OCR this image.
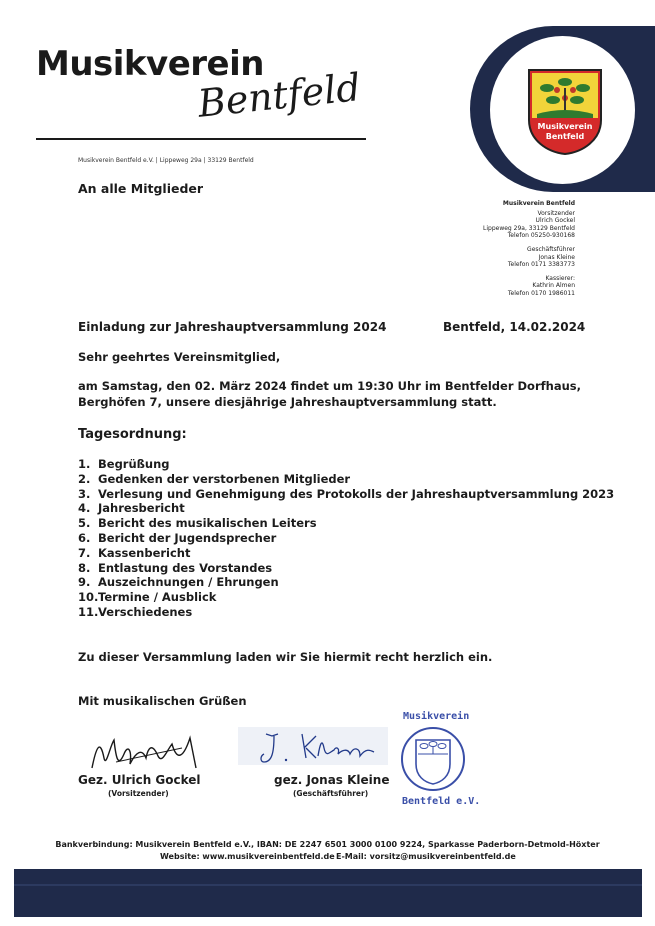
Musikverein
Bentfeld
Musikverein Bentfeld e.V. | Lippeweg 29a | 33129 Bentfeld
Musikverein
Bentfeld
An alle Mitglieder
Musikverein Bentfeld
Vorsitzender
Ulrich Gockel
Lippeweg 29a, 33129 Bentfeld
Telefon 05250-930168
Geschäftsführer
Jonas Kleine
Telefon 0171 3383773
Kassierer:
Kathrin Almen
Telefon 0170 1986011
Einladung zur Jahreshauptversammlung 2024	Bentfeld, 14.02.2024
Sehr geehrtes Vereinsmitglied,
am Samstag, den 02. März 2024 findet um 19:30 Uhr im Bentfelder Dorfhaus, Berghöfen 7, unsere diesjährige Jahreshauptversammlung statt.
Tagesordnung:
1. Begrüßung
2. Gedenken der verstorbenen Mitglieder
3. Verlesung und Genehmigung des Protokolls der Jahreshauptversammlung 2023
4. Jahresbericht
5. Bericht des musikalischen Leiters
6. Bericht der Jugendsprecher
7. Kassenbericht
8. Entlastung des Vorstandes
9. Auszeichnungen / Ehrungen
10.Termine / Ausblick
11.Verschiedenes
Zu dieser Versammlung laden wir Sie hiermit recht herzlich ein.
Mit musikalischen Grüßen
Gez. Ulrich Gockel
(Vorsitzender)
gez. Jonas Kleine
(Geschäftsführer)
Musikverein
Bentfeld e.V.
Bankverbindung: Musikverein Bentfeld e.V., IBAN: DE 2247 6501 3000 0100 9224, Sparkasse Paderborn-Detmold-Höxter
Website: www.musikvereinbentfeld.de E-Mail: vorsitz@musikvereinbentfeld.de
